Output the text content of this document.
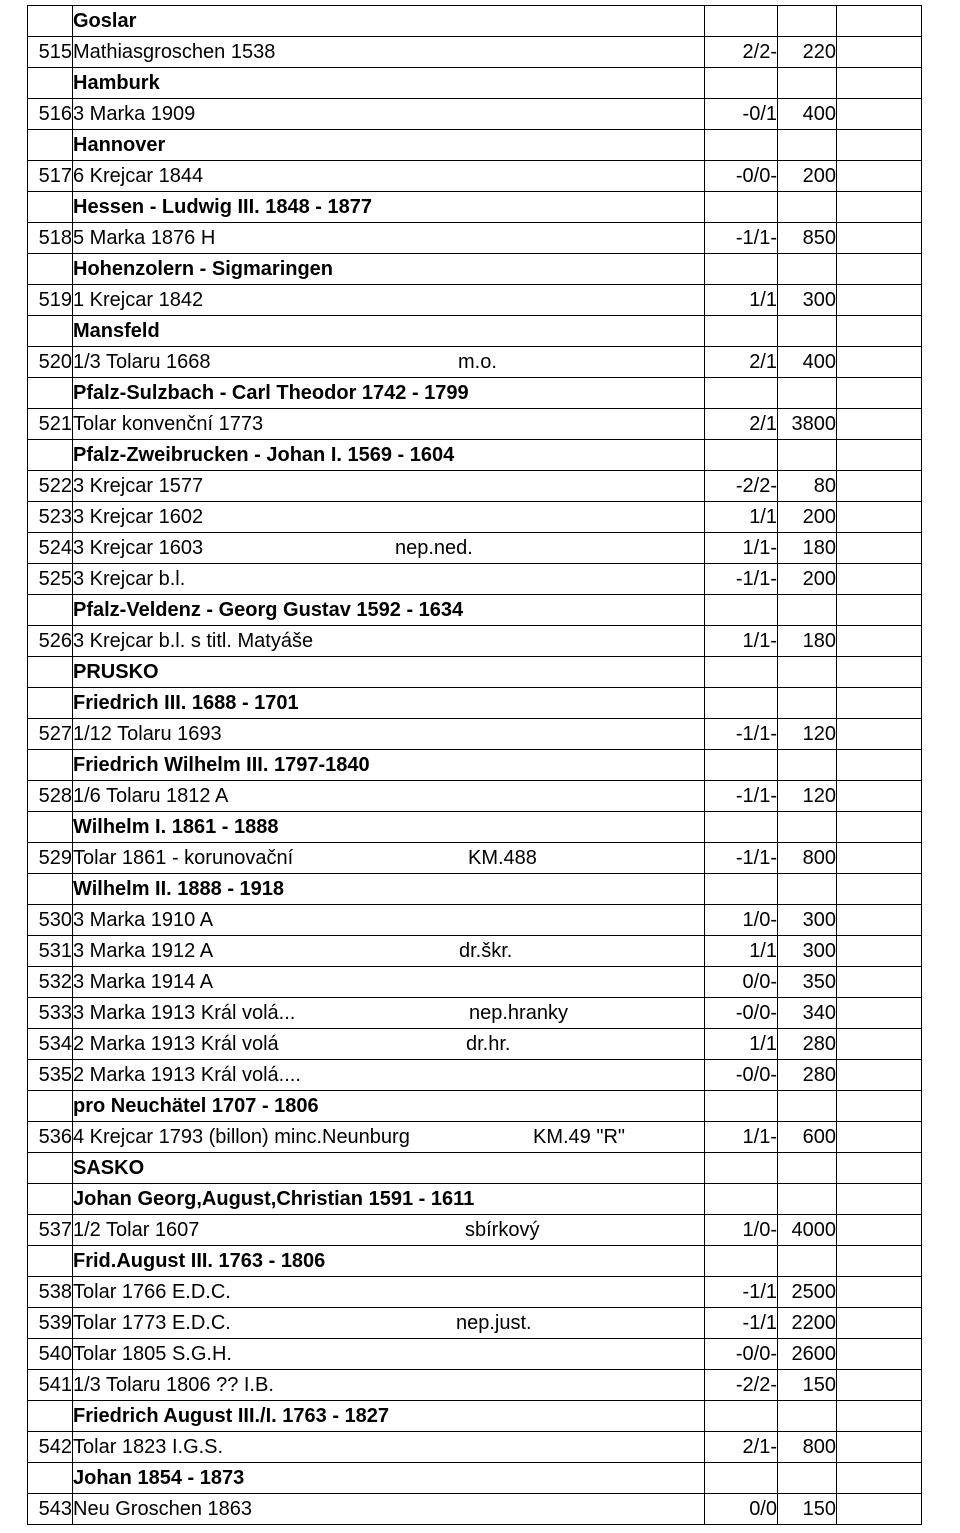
	Goslar			
515	Mathiasgroschen 1538	2/2-	220	
	Hamburk			
516	3 Marka 1909	-0/1	400	
	Hannover			
517	6 Krejcar 1844	-0/0-	200	
	Hessen - Ludwig III. 1848 - 1877			
518	5 Marka 1876 H	-1/1-	850	
	Hohenzolern - Sigmaringen			
519	1 Krejcar 1842	1/1	300	
	Mansfeld			
520	1/3 Tolaru 1668 m.o.	2/1	400	
	Pfalz-Sulzbach - Carl Theodor 1742 - 1799			
521	Tolar konvenční 1773	2/1	3800	
	Pfalz-Zweibrucken - Johan I. 1569 - 1604			
522	3 Krejcar 1577	-2/2-	80	
523	3 Krejcar 1602	1/1	200	
524	3 Krejcar 1603 nep.ned.	1/1-	180	
525	3 Krejcar b.l.	-1/1-	200	
	Pfalz-Veldenz - Georg Gustav 1592 - 1634			
526	3 Krejcar b.l. s titl. Matyáše	1/1-	180	
	PRUSKO			
	Friedrich III. 1688 - 1701			
527	1/12 Tolaru 1693	-1/1-	120	
	Friedrich Wilhelm III. 1797-1840			
528	1/6 Tolaru 1812 A	-1/1-	120	
	Wilhelm I. 1861 - 1888			
529	Tolar 1861 - korunovační KM.488	-1/1-	800	
	Wilhelm II. 1888 - 1918			
530	3 Marka 1910 A	1/0-	300	
531	3 Marka 1912 A dr.škr.	1/1	300	
532	3 Marka 1914 A	0/0-	350	
533	3 Marka 1913 Král volá... nep.hranky	-0/0-	340	
534	2 Marka 1913 Král volá dr.hr.	1/1	280	
535	2 Marka 1913 Král volá....	-0/0-	280	
	pro Neuchätel 1707 - 1806			
536	4 Krejcar 1793 (billon) minc.Neunburg KM.49 "R"	1/1-	600	
	SASKO			
	Johan Georg,August,Christian 1591 - 1611			
537	1/2 Tolar 1607 sbírkový	1/0-	4000	
	Frid.August III. 1763 - 1806			
538	Tolar 1766 E.D.C.	-1/1	2500	
539	Tolar 1773 E.D.C. nep.just.	-1/1	2200	
540	Tolar 1805 S.G.H.	-0/0-	2600	
541	1/3 Tolaru 1806 ?? I.B.	-2/2-	150	
	Friedrich August III./I. 1763 - 1827			
542	Tolar 1823 I.G.S.	2/1-	800	
	Johan 1854 - 1873			
543	Neu Groschen 1863	0/0	150	
